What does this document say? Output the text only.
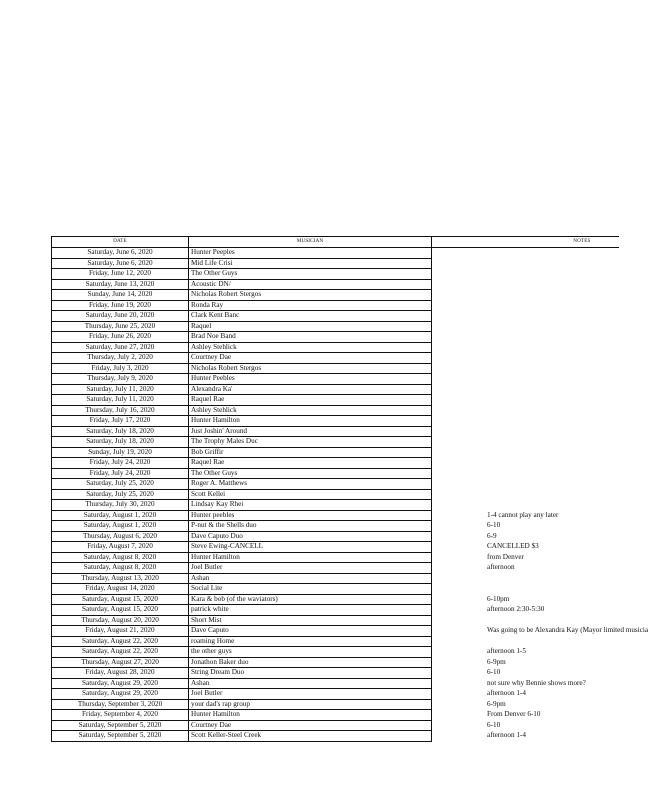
DATE	MUSICIAN	NOTES
Saturday, June 6, 2020	Hunter Peeples	
Saturday, June 6, 2020	Mid Life Crisi	
Friday, June 12, 2020	The Other Guys	
Saturday, June 13, 2020	Acoustic DN/	
Sunday, June 14, 2020	Nicholas Robert Stergos	
Friday, June 19, 2020	Ronda Ray	
Saturday, June 20, 2020	Clark Kent Banc	
Thursday, June 25, 2020	Raquel	
Friday, June 26, 2020	Brad Noe Band	
Saturday, June 27, 2020	Ashley Stehlick	
Thursday, July 2, 2020	Courtney Dae	
Friday, July 3, 2020	Nicholas Robert Stergos	
Thursday, July 9, 2020	Hunter Peebles	
Saturday, July 11, 2020	Alexandra Ka'	
Saturday, July 11, 2020	Raquel Rae	
Thursday, July 16, 2020	Ashley Stehlick	
Friday, July 17, 2020	Hunter Hamilton	
Saturday, July 18, 2020	Just Joshin' Around	
Saturday, July 18, 2020	The Trophy Males Duc	
Sunday, July 19, 2020	Bob Griffir	
Friday, July 24, 2020	Raquel Rae	
Friday, July 24, 2020	The Other Guys	
Saturday, July 25, 2020	Roger A. Matthews	
Saturday, July 25, 2020	Scott Kellei	
Thursday, July 30, 2020	Lindsay Kay Rhei	
Saturday, August 1, 2020	Hunter peebles	1-4 cannot play any later
Saturday, August 1, 2020	P-nut & the Shells duo	6-10
Thursday, August 6, 2020	Dave Caputo Duo	6-9
Friday, August 7, 2020	Steve Ewing-CANCELL	CANCELLED $3
Saturday, August 8, 2020	Hunter Hamilton	from Denver
Saturday, August 8, 2020	Joel Butler	afternoon
Thursday, August 13, 2020	Ashan	
Friday, August 14, 2020	Social Lite	
Saturday, August 15, 2020	Kara & bob (of the waviators)	6-10pm
Saturday, August 15, 2020	patrick white	afternoon 2:30-5:30
Thursday, August 20, 2020	Short Mist	
Friday, August 21, 2020	Dave Caputo	Was going to be Alexandra Kay (Mayor limited musicia
Saturday, August 22, 2020	roaming Home	
Saturday, August 22, 2020	the other guys	afternoon 1-5
Thursday, August 27, 2020	Jonathon Baker duo	6-9pm
Friday, August 28, 2020	String Dream Duo	6-10
Saturday, August 29, 2020	Ashan	not sure why Bennie shows more?
Saturday, August 29, 2020	Joel Butler	afternoon 1-4
Thursday, September 3, 2020	your dad's rap group	6-9pm
Friday, September 4, 2020	Hunter Hamilton	From Denver 6-10
Saturday, September 5, 2020	Courtney Dae	6-10
Saturday, September 5, 2020	Scott Keller-Steel Creek	afternoon 1-4
